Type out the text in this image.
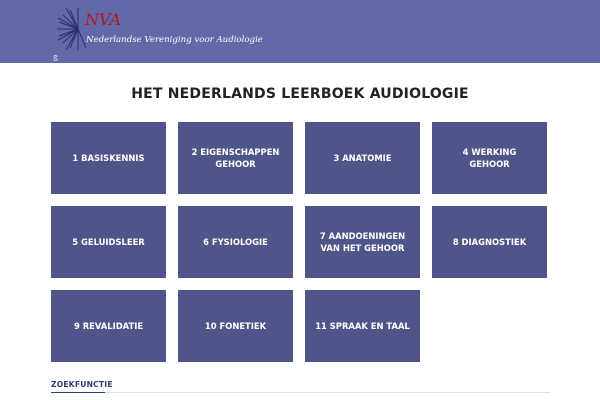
NVA
Nederlandse Vereniging voor Audiologie
ß
HET NEDERLANDS LEERBOEK AUDIOLOGIE
1 BASISKENNIS
2 EIGENSCHAPPEN GEHOOR
3 ANATOMIE
4 WERKING GEHOOR
5 GELUIDSLEER	6 FYSIOLOGIE
7 AANDOENINGEN VAN HET GEHOOR
8 DIAGNOSTIEK
9 REVALIDATIE	10 FONETIEK	11 SPRAAK EN TAAL
ZOEKFUNCTIE
